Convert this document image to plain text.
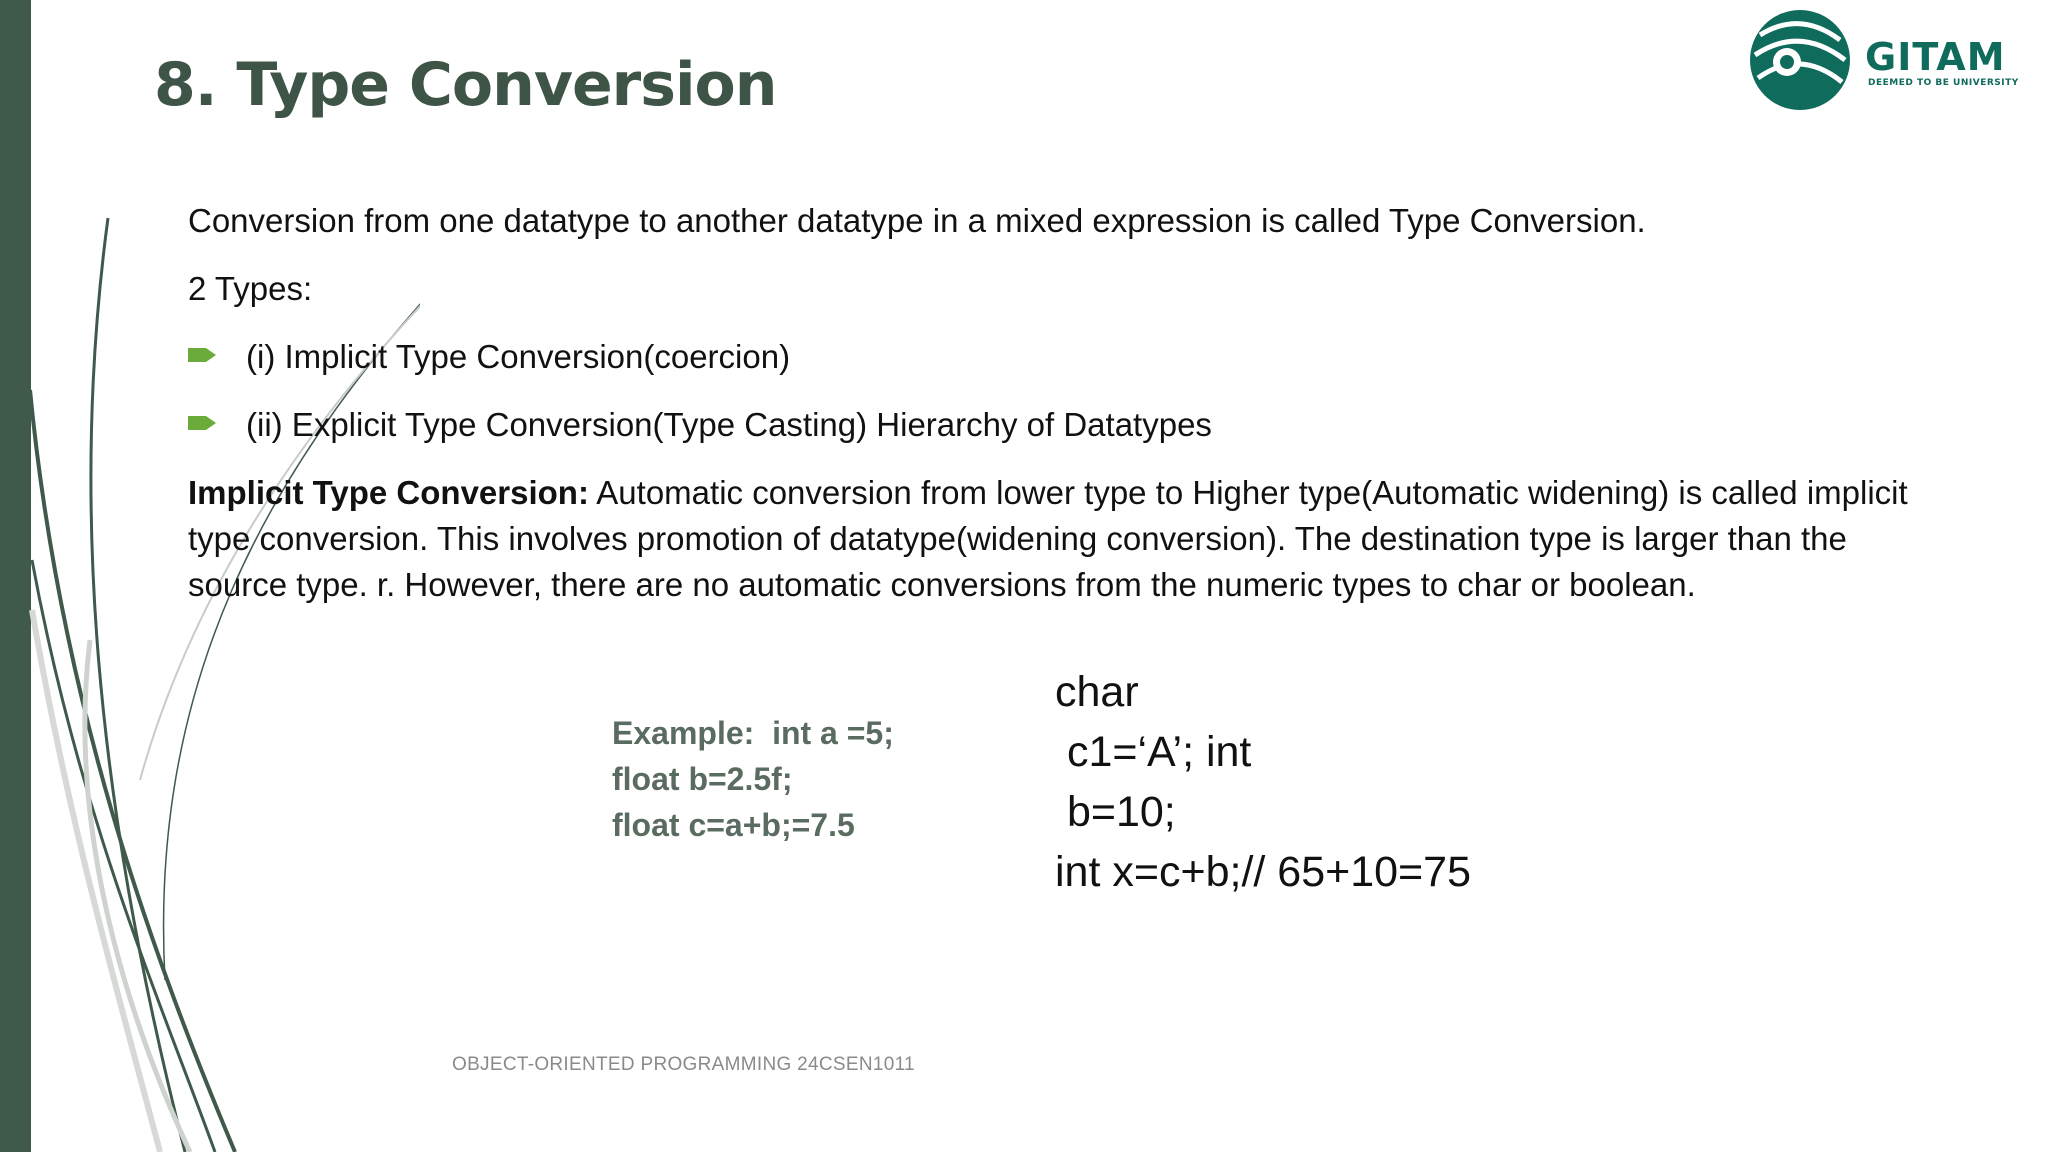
8. Type Conversion	GITAM
DEEMED TO BE UNIVERSITY

Conversion from one datatype to another datatype in a mixed expression is called Type Conversion.

2 Types:

(i) Implicit Type Conversion(coercion)
(ii) Explicit Type Conversion(Type Casting) Hierarchy of Datatypes

Implicit Type Conversion: Automatic conversion from lower type to Higher type(Automatic widening) is called implicit type conversion. This involves promotion of datatype(widening conversion). The destination type is larger than the source type. r. However, there are no automatic conversions from the numeric types to char or boolean.

Example:  int a =5;
float b=2.5f;
float c=a+b;=7.5
char
c1=‘A’; int
b=10;
int x=c+b;// 65+10=75
OBJECT-ORIENTED PROGRAMMING 24CSEN1011
